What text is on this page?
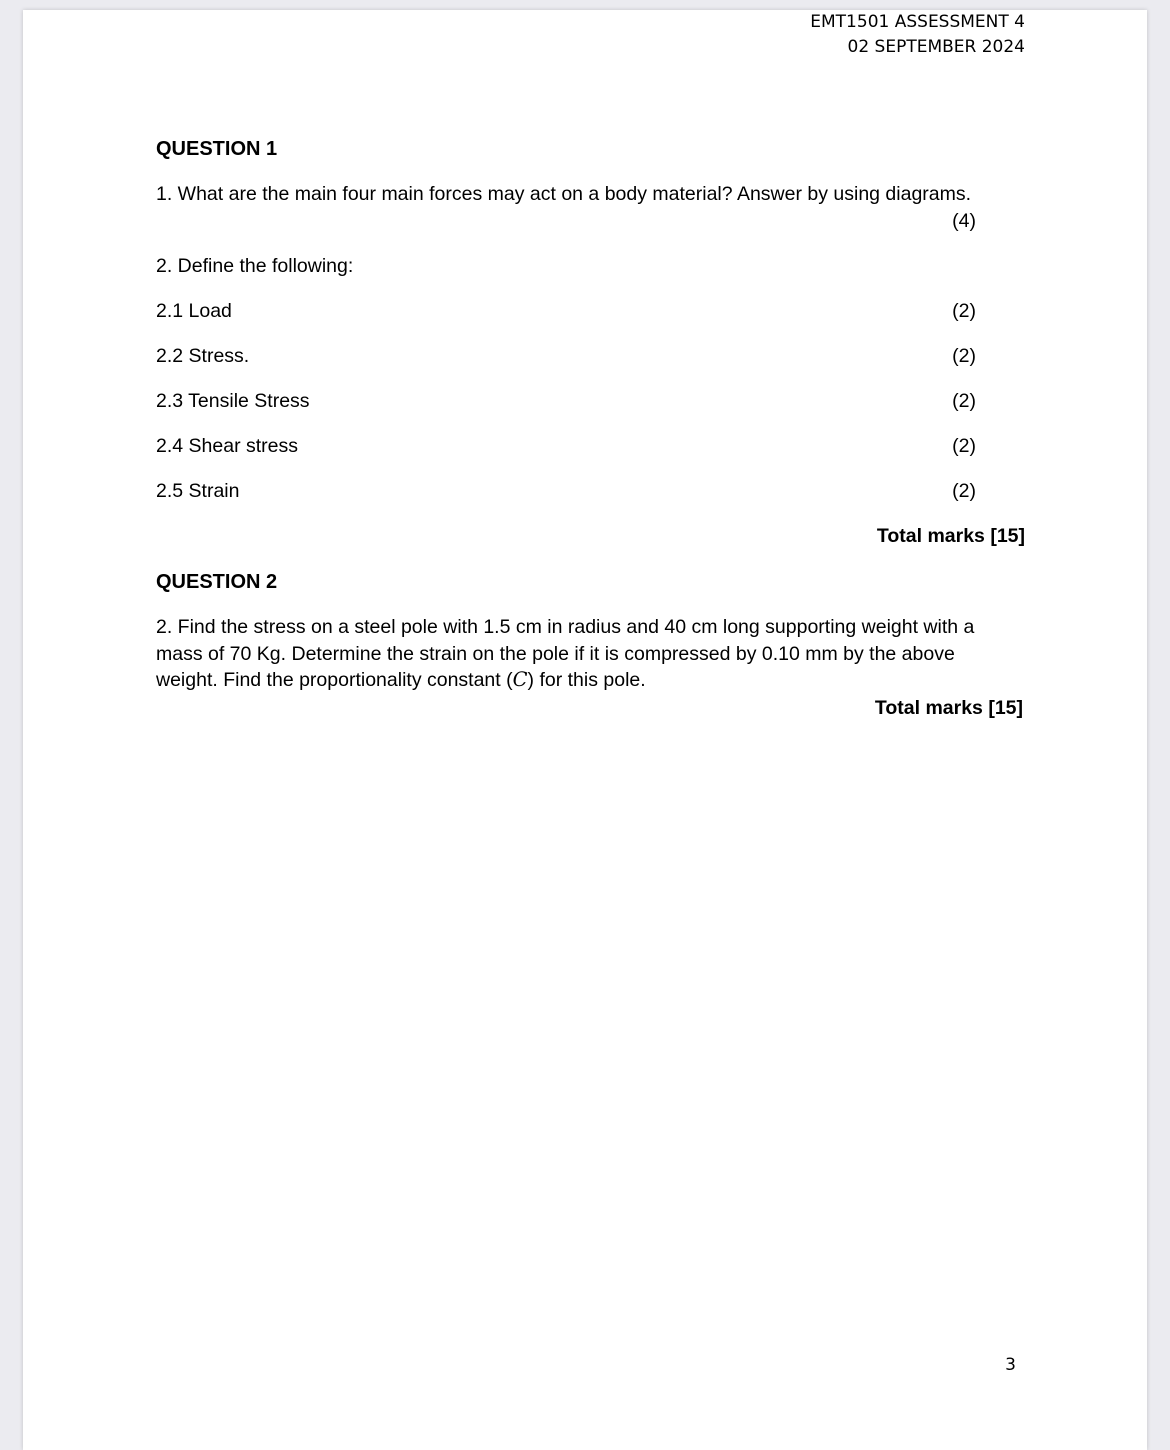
EMT1501 ASSESSMENT 4
02 SEPTEMBER 2024
QUESTION 1
1. What are the main four main forces may act on a body material? Answer by using diagrams.
(4)
2. Define the following:
2.1 Load	(2)
2.2 Stress.	(2)
2.3 Tensile Stress	(2)
2.4 Shear stress	(2)
2.5 Strain	(2)
Total marks [15]
QUESTION 2
2. Find the stress on a steel pole with 1.5 cm in radius and 40 cm long supporting weight with a mass of 70 Kg. Determine the strain on the pole if it is compressed by 0.10 mm by the above weight. Find the proportionality constant (C) for this pole.
Total marks [15]
3
